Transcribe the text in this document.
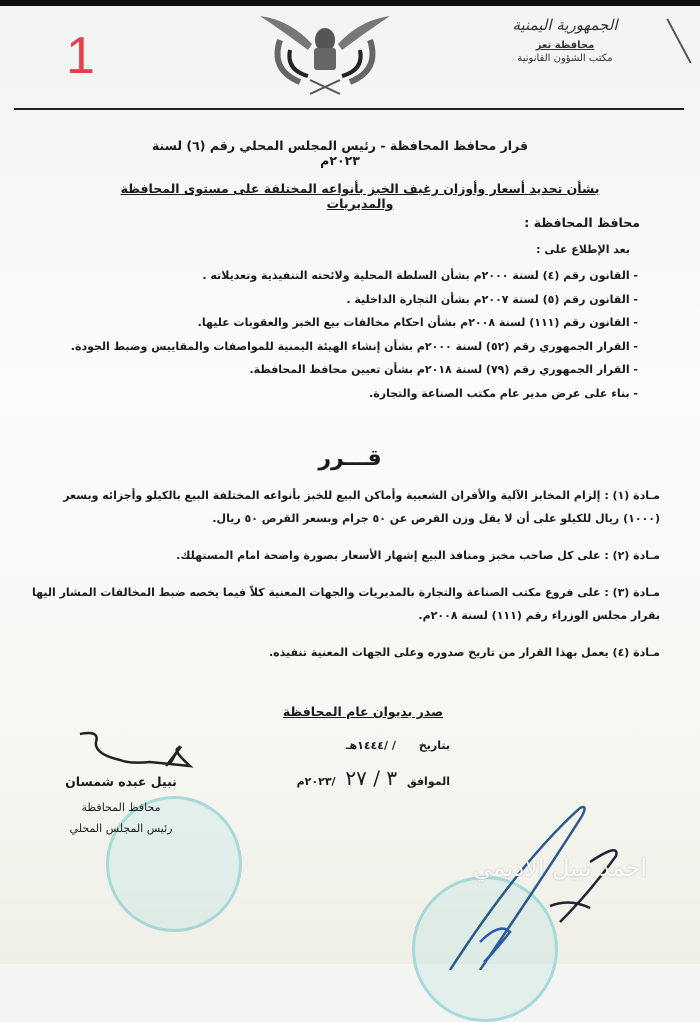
1
الجمهورية اليمنية
محافظة تعز
مكتب الشؤون القانونية
قرار محافظ المحافظة - رئيس المجلس المحلي رقم (٦) لسنة ٢٠٢٣م
بشأن تحديد أسعار وأوزان رغيف الخبز بأنواعه المختلفة على مستوى المحافظة والمديريات
محافظ المحافظة :
بعد الإطلاع على :
- القانون رقم (٤) لسنة ٢٠٠٠م بشأن السلطة المحلية ولائحته التنفيذية وتعديلاته .
- القانون رقم (٥) لسنة ٢٠٠٧م بشأن التجارة الداخلية .
- القانون رقم (١١١) لسنة ٢٠٠٨م بشأن احكام مخالفات بيع الخبز والعقوبات عليها.
- القرار الجمهوري رقم (٥٢) لسنة ٢٠٠٠م بشأن إنشاء الهيئة اليمنية للمواصفات والمقاييس وضبط الجودة.
- القرار الجمهوري رقم (٧٩) لسنة ٢٠١٨م بشأن تعيين محافظ المحافظة.
- بناء على عرض مدير عام مكتب الصناعة والتجارة.
قـــرر
مـادة (١) : إلزام المخابز الآلية والأفران الشعبية وأماكن البيع للخبز بأنواعه المختلفة البيع بالكيلو وأجزائه وبسعر (١٠٠٠) ريال للكيلو على أن لا يقل وزن القرص عن ٥٠ جرام وبسعر القرص ٥٠ ريال.
مـادة (٢) : على كل صاحب مخبز ومنافذ البيع إشهار الأسعار بصورة واضحة امام المستهلك.
مـادة (٣) : على فروع مكتب الصناعة والتجارة بالمديريات والجهات المعنية كلاً فيما يخصه ضبط المخالفات المشار اليها بقرار مجلس الوزراء رقم (١١١) لسنة ٢٠٠٨م.
مـادة (٤) يعمل بهذا القرار من تاريخ صدوره وعلى الجهات المعنية تنفيذه.
صدر بديوان عام المحافظة
بتاريخ      / /١٤٤٤هـ
الموافق ٣ / ٢٧ /٢٠٢٣م
نبيل عبده شمسان
محافظ المحافظة
رئيس المجلس المحلي
احمد نبيل الاديمي
